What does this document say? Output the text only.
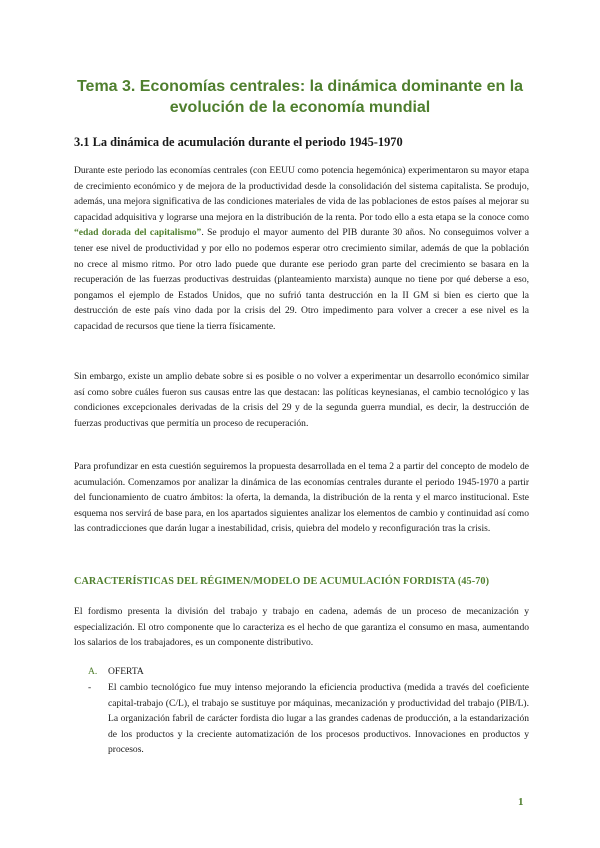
Tema 3. Economías centrales: la dinámica dominante en la evolución de la economía mundial
3.1 La dinámica de acumulación durante el periodo 1945-1970

Durante este periodo las economías centrales (con EEUU como potencia hegemónica) experimentaron su mayor etapa de crecimiento económico y de mejora de la productividad desde la consolidación del sistema capitalista. Se produjo, además, una mejora significativa de las condiciones materiales de vida de las poblaciones de estos países al mejorar su capacidad adquisitiva y lograrse una mejora en la distribución de la renta. Por todo ello a esta etapa se la conoce como “edad dorada del capitalismo”. Se produjo el mayor aumento del PIB durante 30 años. No conseguimos volver a tener ese nivel de productividad y por ello no podemos esperar otro crecimiento similar, además de que la población no crece al mismo ritmo. Por otro lado puede que durante ese periodo gran parte del crecimiento se basara en la recuperación de las fuerzas productivas destruidas (planteamiento marxista) aunque no tiene por qué deberse a eso, pongamos el ejemplo de Estados Unidos, que no sufrió tanta destrucción en la II GM si bien es cierto que la destrucción de este país vino dada por la crisis del 29. Otro impedimento para volver a crecer a ese nivel es la capacidad de recursos que tiene la tierra físicamente.

Sin embargo, existe un amplio debate sobre si es posible o no volver a experimentar un desarrollo económico similar así como sobre cuáles fueron sus causas entre las que destacan: las políticas keynesianas, el cambio tecnológico y las condiciones excepcionales derivadas de la crisis del 29 y de la segunda guerra mundial, es decir, la destrucción de fuerzas productivas que permitía un proceso de recuperación.

Para profundizar en esta cuestión seguiremos la propuesta desarrollada en el tema 2 a partir del concepto de modelo de acumulación. Comenzamos por analizar la dinámica de las economías centrales durante el periodo 1945-1970 a partir del funcionamiento de cuatro ámbitos: la oferta, la demanda, la distribución de la renta y el marco institucional. Este esquema nos servirá de base para, en los apartados siguientes analizar los elementos de cambio y continuidad así como las contradicciones que darán lugar a inestabilidad, crisis, quiebra del modelo y reconfiguración tras la crisis.

CARACTERÍSTICAS DEL RÉGIMEN/MODELO DE ACUMULACIÓN FORDISTA (45-70)

El fordismo presenta la división del trabajo y trabajo en cadena, además de un proceso de mecanización y especialización. El otro componente que lo caracteriza es el hecho de que garantiza el consumo en masa, aumentando los salarios de los trabajadores, es un componente distributivo.

A. OFERTA

- El cambio tecnológico fue muy intenso mejorando la eficiencia productiva (medida a través del coeficiente capital-trabajo (C/L), el trabajo se sustituye por máquinas, mecanización y productividad del trabajo (PIB/L). La organización fabril de carácter fordista dio lugar a las grandes cadenas de producción, a la estandarización de los productos y la creciente automatización de los procesos productivos. Innovaciones en productos y procesos.

1
